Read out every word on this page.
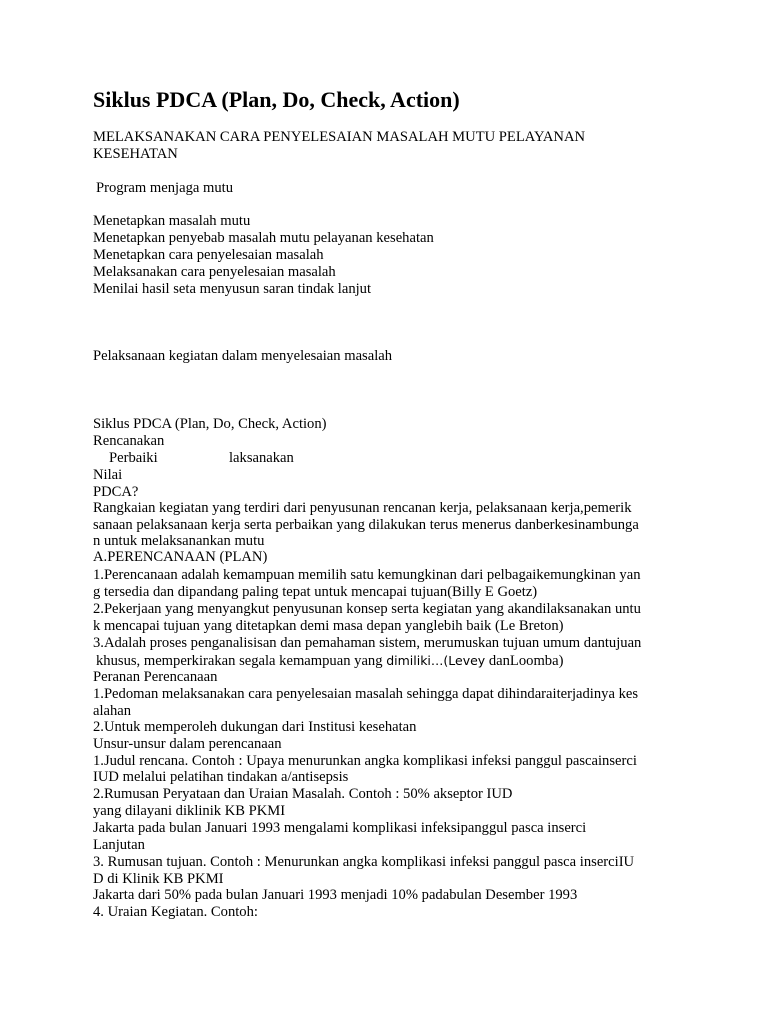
Siklus PDCA (Plan, Do, Check, Action)
MELAKSANAKAN CARA PENYELESAIAN MASALAH MUTU PELAYANAN
KESEHATAN
Program menjaga mutu
Menetapkan masalah mutu
Menetapkan penyebab masalah mutu pelayanan kesehatan
Menetapkan cara penyelesaian masalah
Melaksanakan cara penyelesaian masalah
Menilai hasil seta menyusun saran tindak lanjut
Pelaksanaan kegiatan dalam menyelesaian masalah
Siklus PDCA (Plan, Do, Check, Action)
Rencanakan
Perbaiki	laksanakan
Nilai
PDCA?
Rangkaian kegiatan yang terdiri dari penyusunan rencanan kerja, pelaksanaan kerja,pemerik
sanaan pelaksanaan kerja serta perbaikan yang dilakukan terus menerus danberkesinambunga
n untuk melaksanankan mutu
A.PERENCANAAN (PLAN)
1.Perencanaan adalah kemampuan memilih satu kemungkinan dari pelbagaikemungkinan yan
g tersedia dan dipandang paling tepat untuk mencapai tujuan(Billy E Goetz)
2.Pekerjaan yang menyangkut penyusunan konsep serta kegiatan yang akandilaksanakan untu
k mencapai tujuan yang ditetapkan demi masa depan yanglebih baik (Le Breton)
3.Adalah proses penganalisisan dan pemahaman sistem, merumuskan tujuan umum dantujuan
khusus, memperkirakan segala kemampuan yang dimiliki…(Levey danLoomba)
Peranan Perencanaan
1.Pedoman melaksanakan cara penyelesaian masalah sehingga dapat dihindaraiterjadinya kes
alahan
2.Untuk memperoleh dukungan dari Institusi kesehatan
Unsur-unsur dalam perencanaan
1.Judul rencana. Contoh : Upaya menurunkan angka komplikasi infeksi panggul pascainserci
IUD melalui pelatihan tindakan a/antisepsis
2.Rumusan Peryataan dan Uraian Masalah. Contoh : 50% akseptor IUD
yang dilayani diklinik KB PKMI
Jakarta pada bulan Januari 1993 mengalami komplikasi infeksipanggul pasca inserci
Lanjutan
3. Rumusan tujuan. Contoh : Menurunkan angka komplikasi infeksi panggul pasca inserciIU
D di Klinik KB PKMI
Jakarta dari 50% pada bulan Januari 1993 menjadi 10% padabulan Desember 1993
4. Uraian Kegiatan. Contoh:
